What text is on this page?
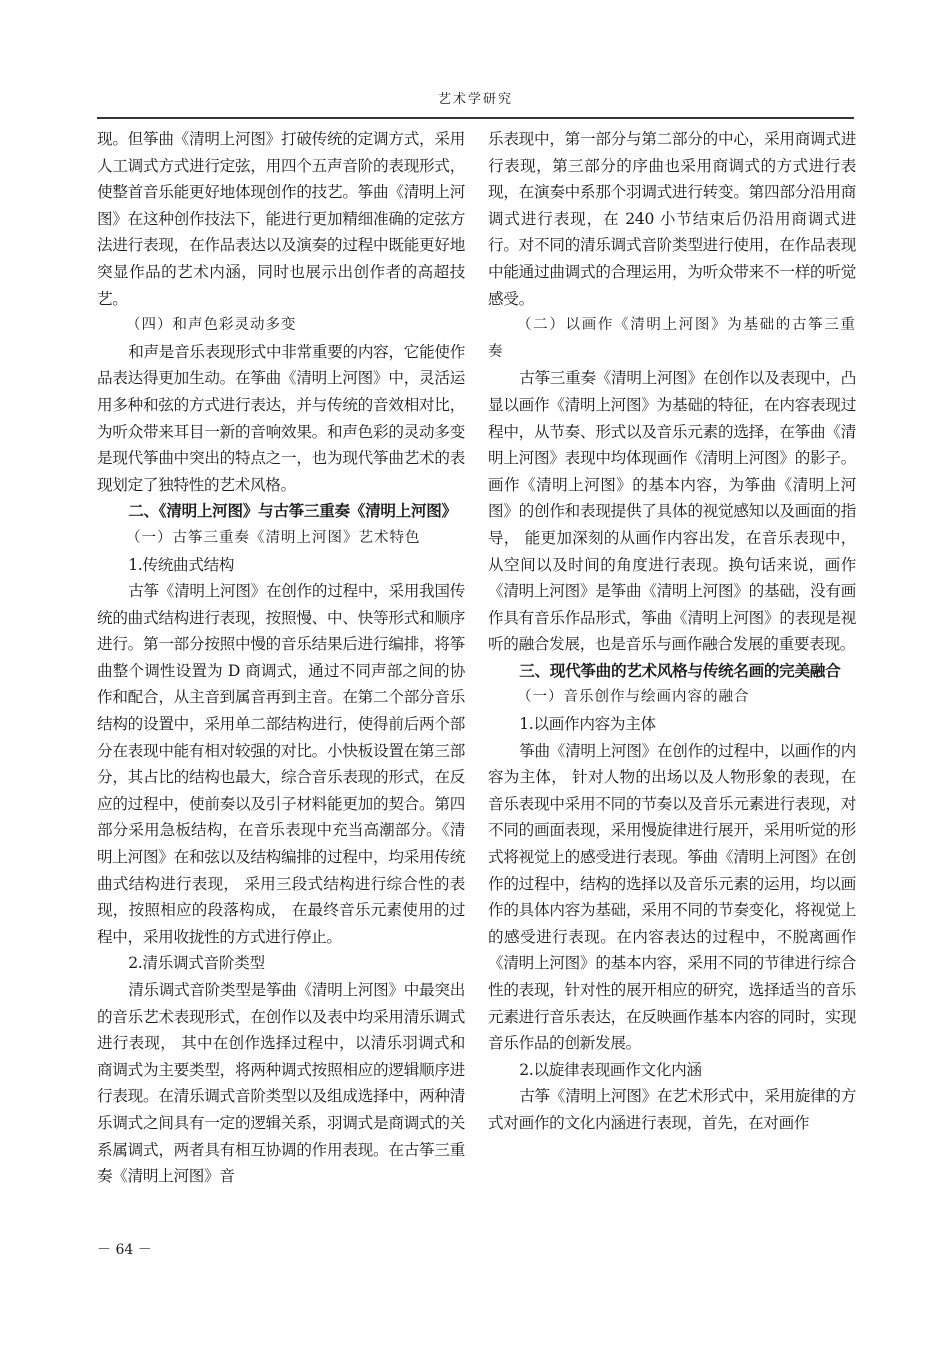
艺术学研究

现。但筝曲《清明上河图》打破传统的定调方式，采用人工调式方式进行定弦，用四个五声音阶的表现形式，使整首音乐能更好地体现创作的技艺。筝曲《清明上河图》在这种创作技法下，能进行更加精细准确的定弦方法进行表现，在作品表达以及演奏的过程中既能更好地突显作品的艺术内涵，同时也展示出创作者的高超技艺。

（四）和声色彩灵动多变

和声是音乐表现形式中非常重要的内容，它能使作品表达得更加生动。在筝曲《清明上河图》中，灵活运用多种和弦的方式进行表达，并与传统的音效相对比，为听众带来耳目一新的音响效果。和声色彩的灵动多变是现代筝曲中突出的特点之一，也为现代筝曲艺术的表现划定了独特性的艺术风格。

二、《清明上河图》与古筝三重奏《清明上河图》
（一）古筝三重奏《清明上河图》艺术特色
1.传统曲式结构

古筝《清明上河图》在创作的过程中，采用我国传统的曲式结构进行表现，按照慢、中、快等形式和顺序进行。第一部分按照中慢的音乐结果后进行编排，将筝曲整个调性设置为 D 商调式，通过不同声部之间的协作和配合，从主音到属音再到主音。在第二个部分音乐结构的设置中，采用单二部结构进行，使得前后两个部分在表现中能有相对较强的对比。小快板设置在第三部分，其占比的结构也最大，综合音乐表现的形式，在反应的过程中，使前奏以及引子材料能更加的契合。第四部分采用急板结构，在音乐表现中充当高潮部分。《清明上河图》在和弦以及结构编排的过程中，均采用传统曲式结构进行表现， 采用三段式结构进行综合性的表现，按照相应的段落构成， 在最终音乐元素使用的过程中，采用收拢性的方式进行停止。

2.清乐调式音阶类型

清乐调式音阶类型是筝曲《清明上河图》中最突出的音乐艺术表现形式，在创作以及表中均采用清乐调式进行表现， 其中在创作选择过程中，以清乐羽调式和商调式为主要类型，将两种调式按照相应的逻辑顺序进行表现。在清乐调式音阶类型以及组成选择中，两种清乐调式之间具有一定的逻辑关系，羽调式是商调式的关系属调式，两者具有相互协调的作用表现。在古筝三重奏《清明上河图》音

乐表现中，第一部分与第二部分的中心，采用商调式进行表现，第三部分的序曲也采用商调式的方式进行表现，在演奏中系那个羽调式进行转变。第四部分沿用商调式进行表现，在 240 小节结束后仍沿用商调式进行。对不同的清乐调式音阶类型进行使用，在作品表现中能通过曲调式的合理运用，为听众带来不一样的听觉感受。

（二）以画作《清明上河图》为基础的古筝三重奏

古筝三重奏《清明上河图》在创作以及表现中，凸显以画作《清明上河图》为基础的特征，在内容表现过程中，从节奏、形式以及音乐元素的选择，在筝曲《清明上河图》表现中均体现画作《清明上河图》的影子。画作《清明上河图》的基本内容，为筝曲《清明上河图》的创作和表现提供了具体的视觉感知以及画面的指导， 能更加深刻的从画作内容出发，在音乐表现中，从空间以及时间的角度进行表现。换句话来说，画作《清明上河图》是筝曲《清明上河图》的基础，没有画作具有音乐作品形式，筝曲《清明上河图》的表现是视听的融合发展，也是音乐与画作融合发展的重要表现。

三、现代筝曲的艺术风格与传统名画的完美融合
（一）音乐创作与绘画内容的融合
1.以画作内容为主体

筝曲《清明上河图》在创作的过程中，以画作的内容为主体， 针对人物的出场以及人物形象的表现，在音乐表现中采用不同的节奏以及音乐元素进行表现，对不同的画面表现，采用慢旋律进行展开，采用听觉的形式将视觉上的感受进行表现。筝曲《清明上河图》在创作的过程中，结构的选择以及音乐元素的运用，均以画作的具体内容为基础，采用不同的节奏变化，将视觉上的感受进行表现。在内容表达的过程中，不脱离画作《清明上河图》的基本内容，采用不同的节律进行综合性的表现，针对性的展开相应的研究，选择适当的音乐元素进行音乐表达，在反映画作基本内容的同时，实现音乐作品的创新发展。

2.以旋律表现画作文化内涵

古筝《清明上河图》在艺术形式中，采用旋律的方式对画作的文化内涵进行表现，首先，在对画作

－ 64 －
